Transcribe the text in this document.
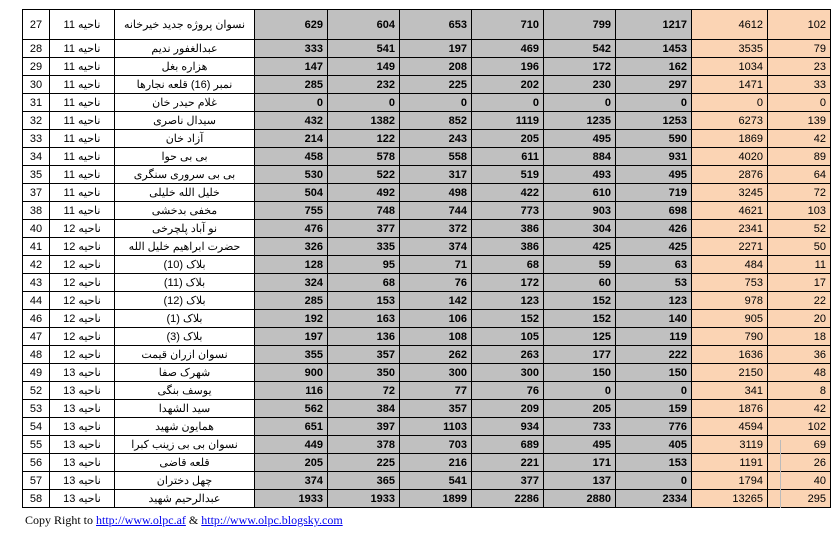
27	ناحیه 11	نسوان پروژه جدید خیرخانه	629	604	653	710	799	1217	4612	102
28	ناحیه 11	عبدالغفور ندیم	333	541	197	469	542	1453	3535	79
29	ناحیه 11	هزاره بغل	147	149	208	196	172	162	1034	23
30	ناحیه 11	نمبر (16) قلعه نجارها	285	232	225	202	230	297	1471	33
31	ناحیه 11	غلام حیدر خان	0	0	0	0	0	0	0	0
32	ناحیه 11	سیدال ناصری	432	1382	852	1119	1235	1253	6273	139
33	ناحیه 11	آزاد خان	214	122	243	205	495	590	1869	42
34	ناحیه 11	بی بی حوا	458	578	558	611	884	931	4020	89
35	ناحیه 11	بی بی سروری سنگری	530	522	317	519	493	495	2876	64
37	ناحیه 11	خلیل الله خلیلی	504	492	498	422	610	719	3245	72
38	ناحیه 11	مخفی بدخشی	755	748	744	773	903	698	4621	103
40	ناحیه 12	نو آباد پلچرخی	476	377	372	386	304	426	2341	52
41	ناحیه 12	حضرت ابراهیم خلیل الله	326	335	374	386	425	425	2271	50
42	ناحیه 12	بلاک (10)	128	95	71	68	59	63	484	11
43	ناحیه 12	بلاک (11)	324	68	76	172	60	53	753	17
44	ناحیه 12	بلاک (12)	285	153	142	123	152	123	978	22
46	ناحیه 12	بلاک (1)	192	163	106	152	152	140	905	20
47	ناحیه 12	بلاک (3)	197	136	108	105	125	119	790	18
48	ناحیه 12	نسوان ازران قیمت	355	357	262	263	177	222	1636	36
49	ناحیه 13	شهرک صفا	900	350	300	300	150	150	2150	48
52	ناحیه 13	یوسف بنگی	116	72	77	76	0	0	341	8
53	ناحیه 13	سید الشهدا	562	384	357	209	205	159	1876	42
54	ناحیه 13	همایون شهید	651	397	1103	934	733	776	4594	102
55	ناحیه 13	نسوان بی بی زینب کبرا	449	378	703	689	495	405	3119	69
56	ناحیه 13	قلعه قاضی	205	225	216	221	171	153	1191	26
57	ناحیه 13	چهل دختران	374	365	541	377	137	0	1794	40
58	ناحیه 13	عبدالرحیم شهید	1933	1933	1899	2286	2880	2334	13265	295
Copy Right to http://www.olpc.af & http://www.olpc.blogsky.com
